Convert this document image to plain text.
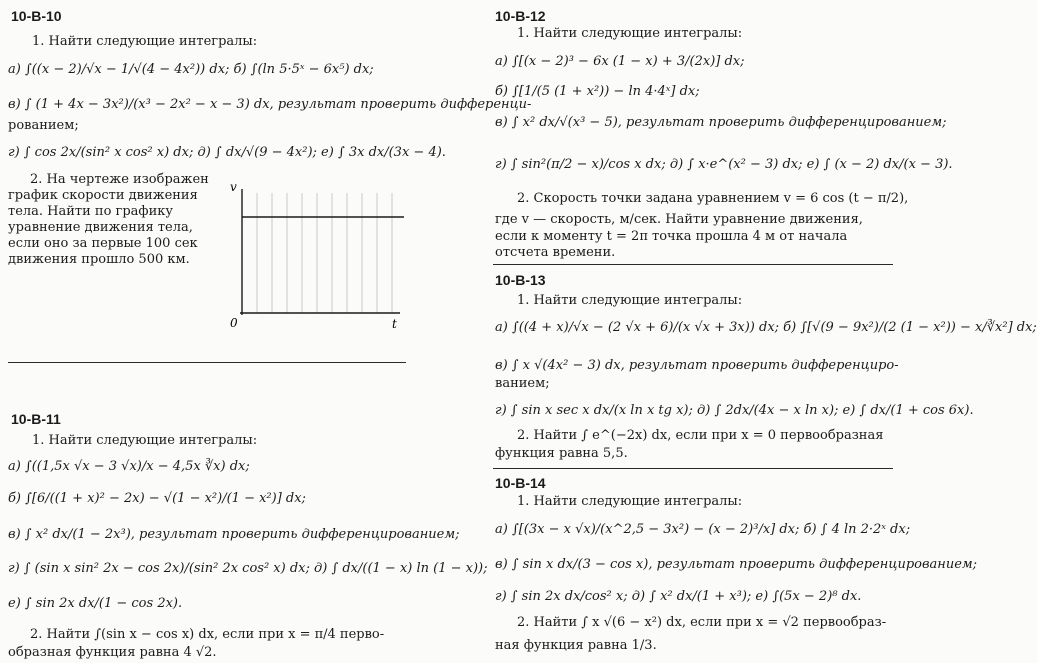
10-В-10
1. Найти следующие интегралы:
а) ∫((x − 2)/√x − 1/√(4 − 4x²)) dx; б) ∫(ln 5·5ˣ − 6x⁵) dx;
в) ∫ (1 + 4x − 3x²)/(x³ − 2x² − x − 3) dx, результат проверить дифференци-
рованием;
г) ∫ cos 2x/(sin² x cos² x) dx; д) ∫ dx/√(9 − 4x²); е) ∫ 3x dx/(3x − 4).
2. На чертеже изображен
график скорости движения
тела. Найти по графику
уравнение движения тела,
если оно за первые 100 сек
движения прошло 500 км.
v
t
0
10-В-11
1. Найти следующие интегралы:
а) ∫((1,5x √x − 3 √x)/x − 4,5x ∛x) dx;
б) ∫[6/((1 + x)² − 2x) − √(1 − x²)/(1 − x²)] dx;
в) ∫ x² dx/(1 − 2x³), результат проверить дифференцированием;
г) ∫ (sin x sin² 2x − cos 2x)/(sin² 2x cos² x) dx; д) ∫ dx/((1 − x) ln (1 − x));
е) ∫ sin 2x dx/(1 − cos 2x).
2. Найти ∫(sin x − cos x) dx, если при x = π/4 перво-
образная функция равна 4 √2.
10-В-12
1. Найти следующие интегралы:
а) ∫[(x − 2)³ − 6x (1 − x) + 3/(2x)] dx;
б) ∫[1/(5 (1 + x²)) − ln 4·4ˣ] dx;
в) ∫ x² dx/√(x³ − 5), результат проверить дифференцированием;
г) ∫ sin²(π/2 − x)/cos x dx; д) ∫ x·e^(x² − 3) dx; е) ∫ (x − 2) dx/(x − 3).
2. Скорость точки задана уравнением v = 6 cos (t − π/2),
где v — скорость, м/сек. Найти уравнение движения,
если к моменту t = 2π точка прошла 4 м от начала
отсчета времени.
10-В-13
1. Найти следующие интегралы:
а) ∫((4 + x)/√x − (2 √x + 6)/(x √x + 3x)) dx; б) ∫[√(9 − 9x²)/(2 (1 − x²)) − x/∛x²] dx;
в) ∫ x √(4x² − 3) dx, результат проверить дифференциро-
ванием;
г) ∫ sin x sec x dx/(x ln x tg x); д) ∫ 2dx/(4x − x ln x); е) ∫ dx/(1 + cos 6x).
2. Найти ∫ e^(−2x) dx, если при x = 0 первообразная
функция равна 5,5.
10-В-14
1. Найти следующие интегралы:
а) ∫[(3x − x √x)/(x^2,5 − 3x²) − (x − 2)³/x] dx; б) ∫ 4 ln 2·2ˣ dx;
в) ∫ sin x dx/(3 − cos x), результат проверить дифференцированием;
г) ∫ sin 2x dx/cos² x; д) ∫ x² dx/(1 + x³); е) ∫(5x − 2)⁸ dx.
2. Найти ∫ x √(6 − x²) dx, если при x = √2 первообраз-
ная функция равна 1/3.
